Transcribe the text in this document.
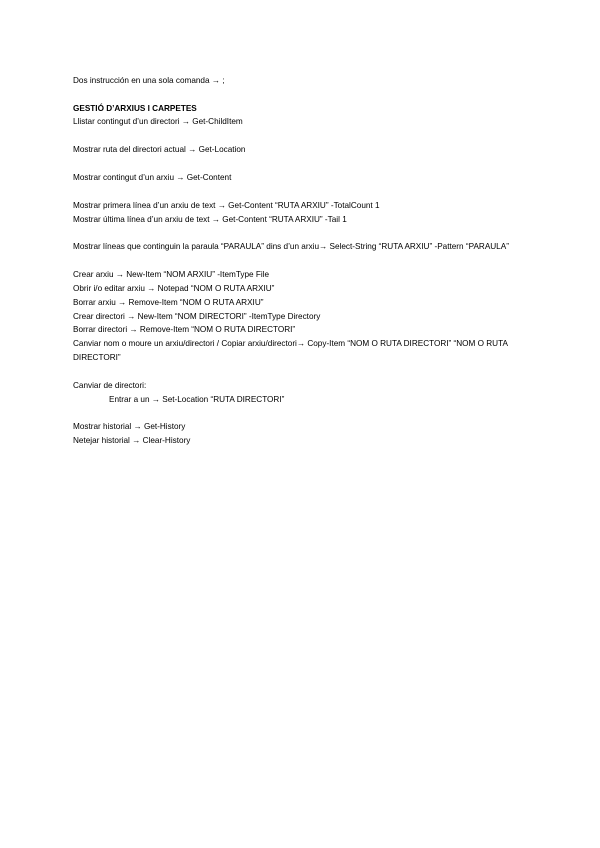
Dos instrucción en una sola comanda → ;

GESTIÓ D’ARXIUS I CARPETES

Llistar contingut d’un directori → Get-ChildItem

Mostrar ruta del directori actual → Get-Location

Mostrar contingut d’un arxiu → Get-Content

Mostrar primera línea d’un arxiu de text → Get-Content “RUTA ARXIU” -TotalCount 1

Mostrar última línea d’un arxiu de text → Get-Content “RUTA ARXIU” -Tail 1

Mostrar líneas que continguin la paraula “PARAULA” dins d’un arxiu→ Select-String “RUTA ARXIU” -Pattern “PARAULA”

Crear arxiu → New-Item “NOM ARXIU” -ItemType File

Obrir i/o editar arxiu → Notepad “NOM O RUTA ARXIU”

Borrar arxiu → Remove-Item “NOM O RUTA ARXIU”

Crear directori → New-Item “NOM DIRECTORI” -ItemType Directory

Borrar directori → Remove-Item “NOM O RUTA DIRECTORI”

Canviar nom o moure un arxiu/directori / Copiar arxiu/directori→ Copy-Item “NOM O RUTA DIRECTORI” “NOM O RUTA DIRECTORI”

Canviar de directori:

Entrar a un → Set-Location “RUTA DIRECTORI”

Mostrar historial → Get-History

Netejar historial → Clear-History
